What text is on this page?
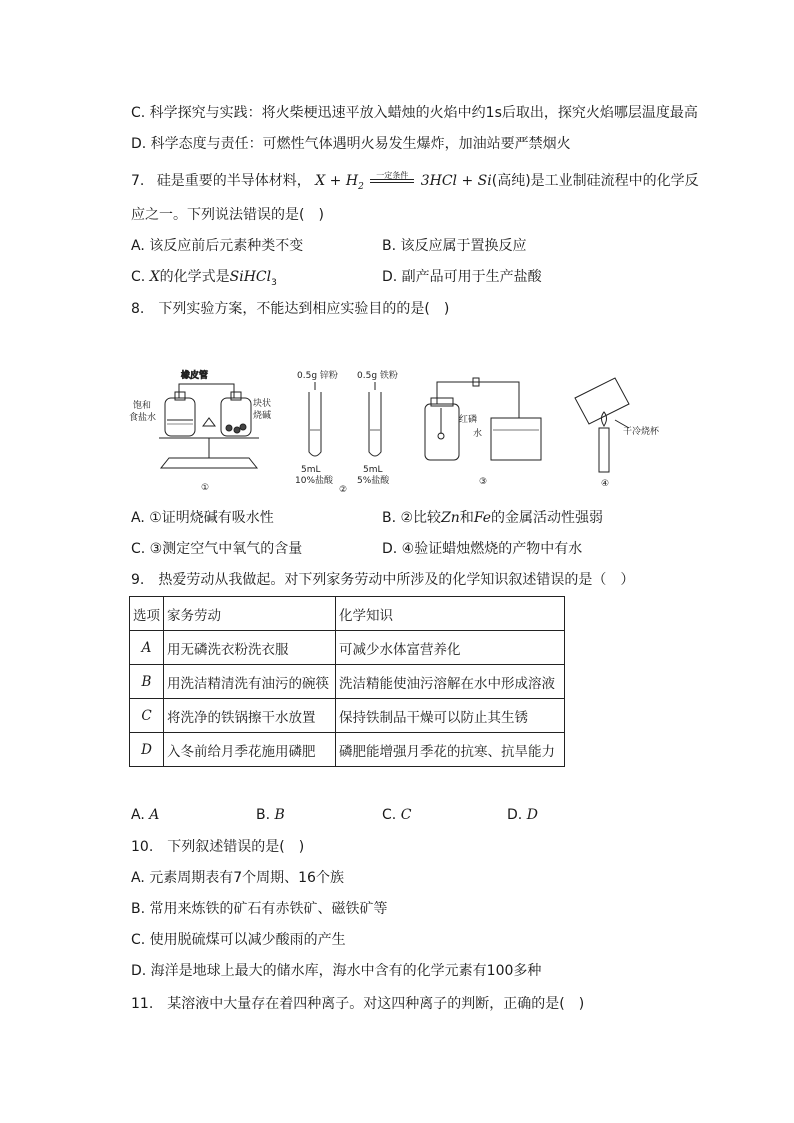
C. 科学探究与实践：将火柴梗迅速平放入蜡烛的火焰中约1s后取出，探究火焰哪层温度最高
D. 科学态度与责任：可燃性气体遇明火易发生爆炸，加油站要严禁烟火
7. 硅是重要的半导体材料， $X + H_2$
一定条件 3HCl + Si(高纯)是工业制硅流程中的化学反
应之一。下列说法错误的是(　)
A. 该反应前后元素种类不变	B. 该反应属于置换反应
C. X的化学式是SiHCl$_3$	D. 副产品可用于生产盐酸
8.　下列实验方案，不能达到相应实验目的的是(　)
橡皮管
饱和
食盐水
块状
烧碱
①
0.5g 锌粉 0.5g 铁粉
5mL
10%盐酸
5mL
5%盐酸
②
红磷
水
③
干冷烧杯
④
A. ①证明烧碱有吸水性	B. ②比较Zn和Fe的金属活动性强弱
C. ③测定空气中氧气的含量	D. ④验证蜡烛燃烧的产物中有水
9.　热爱劳动从我做起。对下列家务劳动中所涉及的化学知识叙述错误的是（　）
选项	家务劳动	化学知识
A	用无磷洗衣粉洗衣服	可减少水体富营养化
B	用洗洁精清洗有油污的碗筷	洗洁精能使油污溶解在水中形成溶液
C	将洗净的铁锅擦干水放置	保持铁制品干燥可以防止其生锈
D	入冬前给月季花施用磷肥	磷肥能增强月季花的抗寒、抗旱能力
A. A	B. B	C. C	D. D
10.　下列叙述错误的是(　)
A. 元素周期表有7个周期、16个族
B. 常用来炼铁的矿石有赤铁矿、磁铁矿等
C. 使用脱硫煤可以减少酸雨的产生
D. 海洋是地球上最大的储水库，海水中含有的化学元素有100多种
11.　某溶液中大量存在着四种离子。对这四种离子的判断，正确的是(　)
